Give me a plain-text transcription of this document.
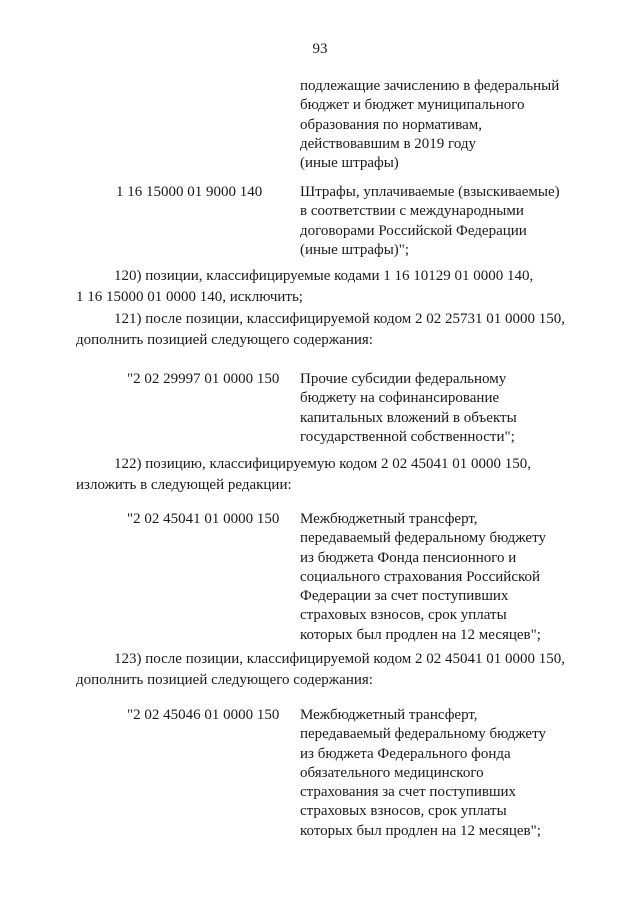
93
подлежащие зачислению в федеральный
бюджет и бюджет муниципального
образования по нормативам,
действовавшим в 2019 году
(иные штрафы)
1 16 15000 01 9000 140	Штрафы, уплачиваемые (взыскиваемые)
в соответствии с международными
договорами Российской Федерации
(иные штрафы)";
120) позиции, классифицируемые кодами 1 16 10129 01 0000 140,
1 16 15000 01 0000 140, исключить;
121) после позиции, классифицируемой кодом 2 02 25731 01 0000 150,
дополнить позицией следующего содержания:
"2 02 29997 01 0000 150 Прочие субсидии федеральному
бюджету на софинансирование
капитальных вложений в объекты
государственной собственности";
122) позицию, классифицируемую кодом 2 02 45041 01 0000 150,
изложить в следующей редакции:
"2 02 45041 01 0000 150 Межбюджетный трансферт,
передаваемый федеральному бюджету
из бюджета Фонда пенсионного и
социального страхования Российской
Федерации за счет поступивших
страховых взносов, срок уплаты
которых был продлен на 12 месяцев";
123) после позиции, классифицируемой кодом 2 02 45041 01 0000 150,
дополнить позицией следующего содержания:
"2 02 45046 01 0000 150 Межбюджетный трансферт,
передаваемый федеральному бюджету
из бюджета Федерального фонда
обязательного медицинского
страхования за счет поступивших
страховых взносов, срок уплаты
которых был продлен на 12 месяцев";
